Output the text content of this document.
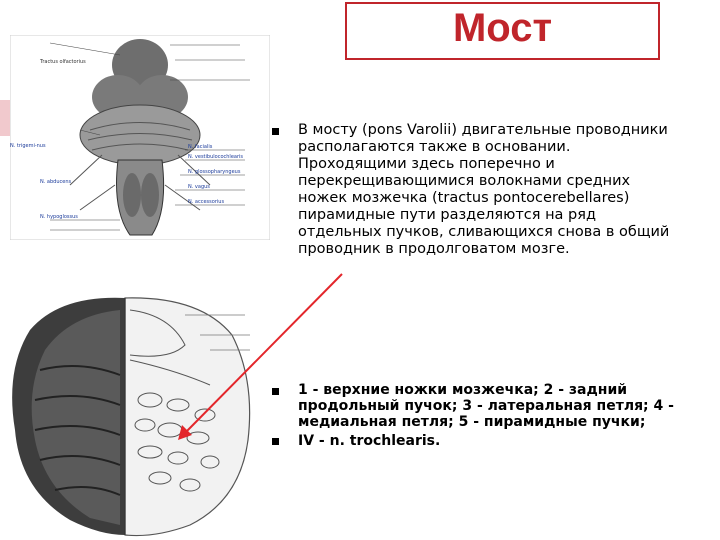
Мост
N. trigemi-nus	N. facialis
N. vestibulocochlearis
N. glossopharyngeus
N. vagus
N. accessorius
N. hypoglossus
N. abducens
Tractus olfactorius
В мосту (pons Varolii) двигательные проводники располагаются также в основании. Проходящими здесь поперечно и перекрещивающимися волокнами средних ножек мозжечка (tractus pontocerebellares) пирамидные пути разделяются на ряд отдельных пучков, сливающихся снова в общий проводник в продолговатом мозге.
1 - верхние ножки мозжечка; 2 - задний продольный пучок; 3 - латеральная петля; 4 - медиальная петля; 5 - пирамидные пучки;
IV - n. trochlearis.
